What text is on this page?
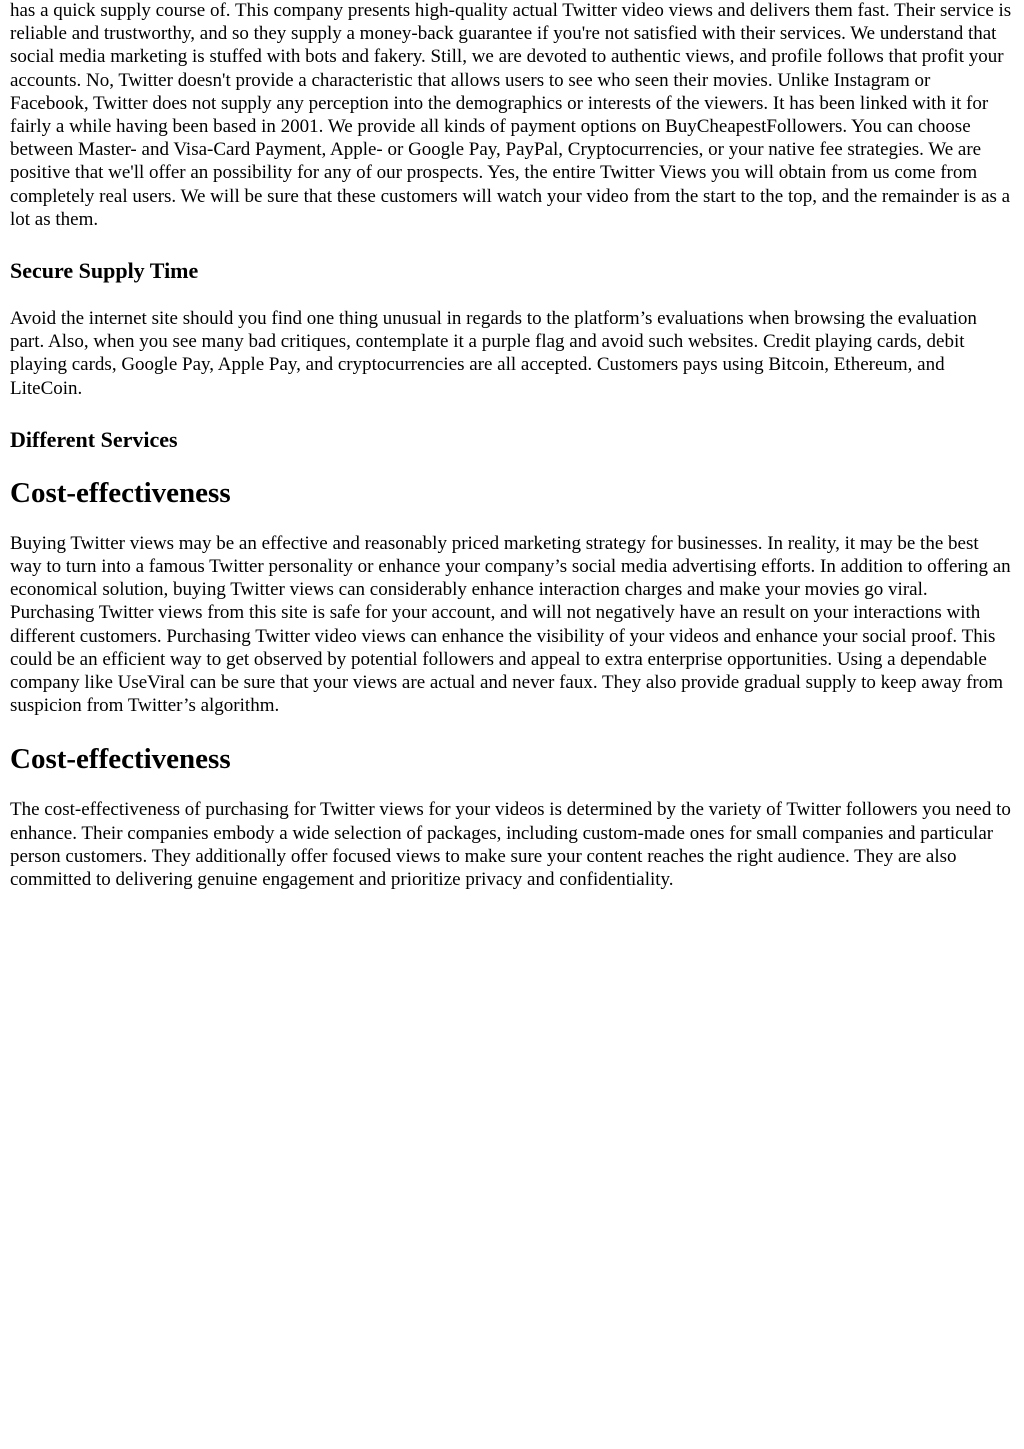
has a quick supply course of. This company presents high-quality actual Twitter video views and delivers them fast. Their service is reliable and trustworthy, and so they supply a money-back guarantee if you're not satisfied with their services. We understand that social media marketing is stuffed with bots and fakery. Still, we are devoted to authentic views, and profile follows that profit your accounts. No, Twitter doesn't provide a characteristic that allows users to see who seen their movies. Unlike Instagram or Facebook, Twitter does not supply any perception into the demographics or interests of the viewers. It has been linked with it for fairly a while having been based in 2001. We provide all kinds of payment options on BuyCheapestFollowers. You can choose between Master- and Visa-Card Payment, Apple- or Google Pay, PayPal, Cryptocurrencies, or your native fee strategies. We are positive that we'll offer an possibility for any of our prospects. Yes, the entire Twitter Views you will obtain from us come from completely real users. We will be sure that these customers will watch your video from the start to the top, and the remainder is as a lot as them.

Secure Supply Time

Avoid the internet site should you find one thing unusual in regards to the platform’s evaluations when browsing the evaluation part. Also, when you see many bad critiques, contemplate it a purple flag and avoid such websites. Credit playing cards, debit playing cards, Google Pay, Apple Pay, and cryptocurrencies are all accepted. Customers pays using Bitcoin, Ethereum, and LiteCoin.

Different Services
Cost-effectiveness

Buying Twitter views may be an effective and reasonably priced marketing strategy for businesses. In reality, it may be the best way to turn into a famous Twitter personality or enhance your company’s social media advertising efforts. In addition to offering an economical solution, buying Twitter views can considerably enhance interaction charges and make your movies go viral. Purchasing Twitter views from this site is safe for your account, and will not negatively have an result on your interactions with different customers. Purchasing Twitter video views can enhance the visibility of your videos and enhance your social proof. This could be an efficient way to get observed by potential followers and appeal to extra enterprise opportunities. Using a dependable company like UseViral can be sure that your views are actual and never faux. They also provide gradual supply to keep away from suspicion from Twitter’s algorithm.

Cost-effectiveness

The cost-effectiveness of purchasing for Twitter views for your videos is determined by the variety of Twitter followers you need to enhance. Their companies embody a wide selection of packages, including custom-made ones for small companies and particular person customers. They additionally offer focused views to make sure your content reaches the right audience. They are also committed to delivering genuine engagement and prioritize privacy and confidentiality.
